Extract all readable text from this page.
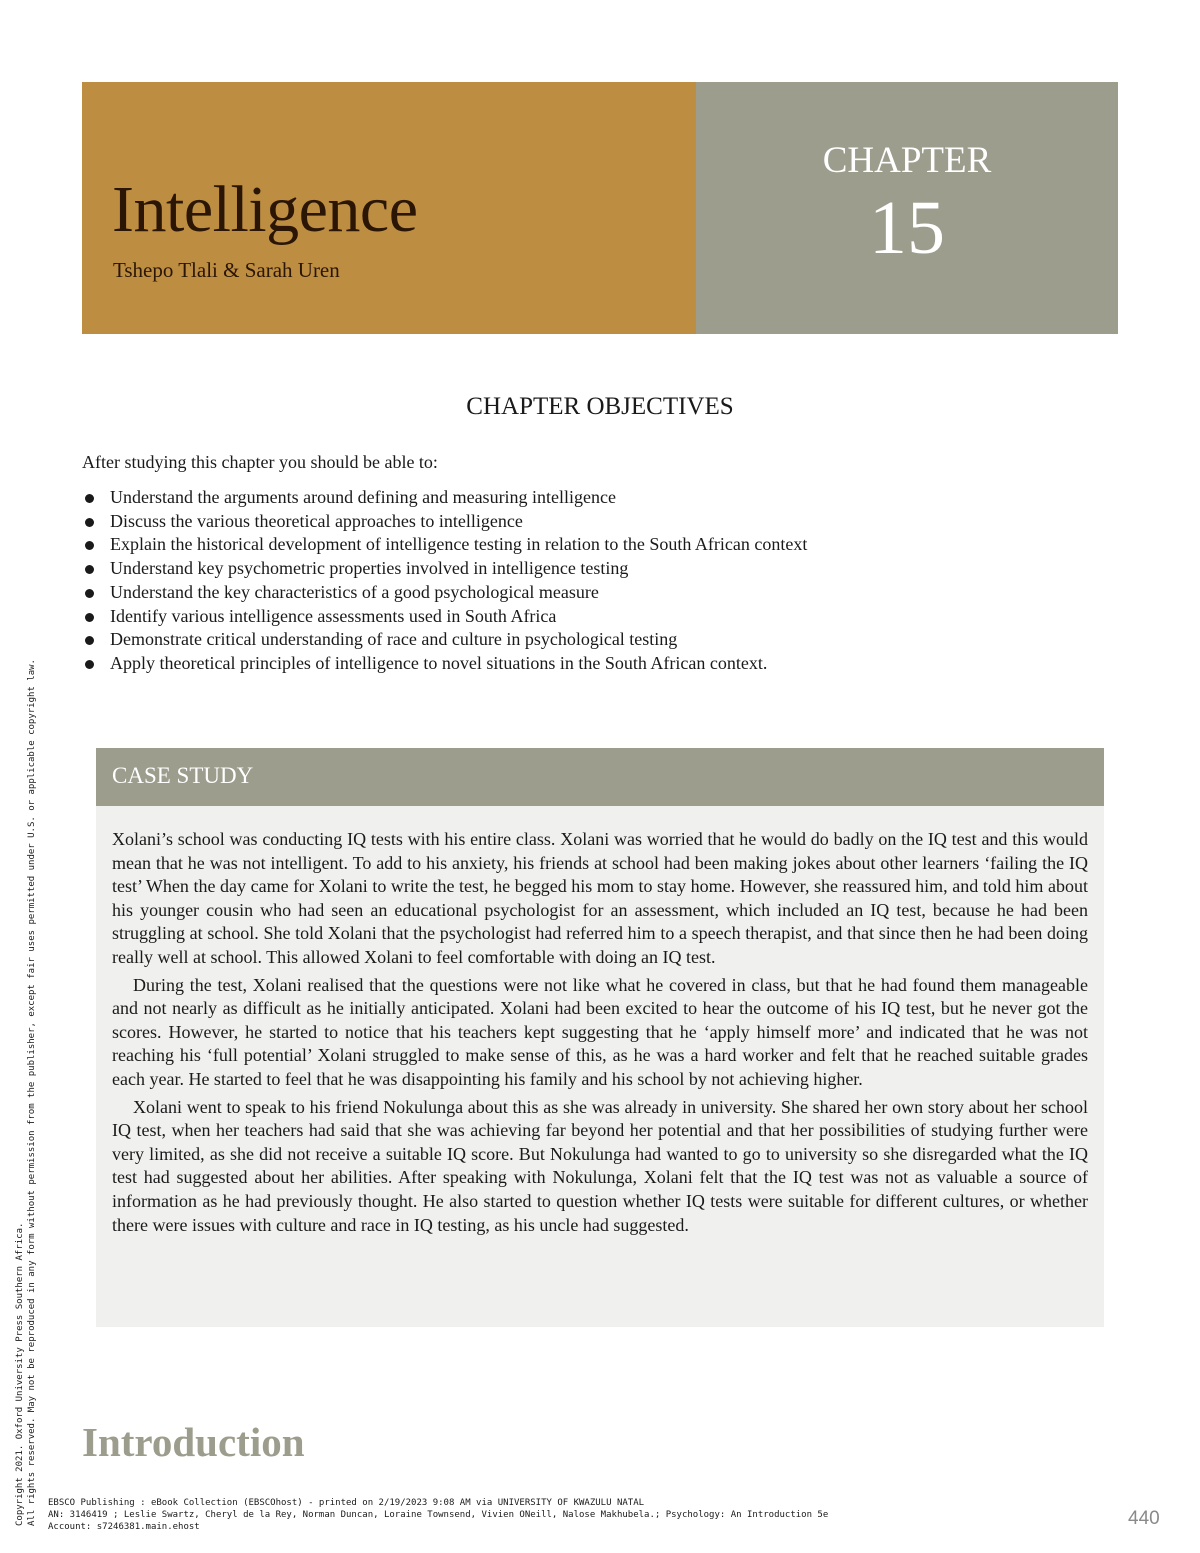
Intelligence
Tshepo Tlali & Sarah Uren
CHAPTER
15
CHAPTER OBJECTIVES
After studying this chapter you should be able to:
Understand the arguments around defining and measuring intelligence
Discuss the various theoretical approaches to intelligence
Explain the historical development of intelligence testing in relation to the South African context
Understand key psychometric properties involved in intelligence testing
Understand the key characteristics of a good psychological measure
Identify various intelligence assessments used in South Africa
Demonstrate critical understanding of race and culture in psychological testing
Apply theoretical principles of intelligence to novel situations in the South African context.
CASE STUDY

Xolani’s school was conducting IQ tests with his entire class. Xolani was worried that he would do badly on the IQ test and this would mean that he was not intelligent. To add to his anxiety, his friends at school had been making jokes about other learners ‘failing the IQ test’ When the day came for Xolani to write the test, he begged his mom to stay home. However, she reassured him, and told him about his younger cousin who had seen an educational psychologist for an assessment, which included an IQ test, because he had been struggling at school. She told Xolani that the psychologist had referred him to a speech therapist, and that since then he had been doing really well at school. This allowed Xolani to feel comfortable with doing an IQ test.

During the test, Xolani realised that the questions were not like what he covered in class, but that he had found them manageable and not nearly as difficult as he initially anticipated. Xolani had been excited to hear the outcome of his IQ test, but he never got the scores. However, he started to notice that his teachers kept suggesting that he ‘apply himself more’ and indicated that he was not reaching his ‘full potential’ Xolani struggled to make sense of this, as he was a hard worker and felt that he reached suitable grades each year. He started to feel that he was disappointing his family and his school by not achieving higher.

Xolani went to speak to his friend Nokulunga about this as she was already in university. She shared her own story about her school IQ test, when her teachers had said that she was achieving far beyond her potential and that her possibilities of studying further were very limited, as she did not receive a suitable IQ score. But Nokulunga had wanted to go to university so she disregarded what the IQ test had suggested about her abilities. After speaking with Nokulunga, Xolani felt that the IQ test was not as valuable a source of information as he had previously thought. He also started to question whether IQ tests were suitable for different cultures, or whether there were issues with culture and race in IQ testing, as his uncle had suggested.

Introduction
Copyright 2021. Oxford University Press Southern Africa. All rights reserved. May not be reproduced in any form without permission from the publisher, except fair uses permitted under U.S. or applicable copyright law. EBSCO Publishing : eBook Collection (EBSCOhost) - printed on 2/19/2023 9:08 AM via UNIVERSITY OF KWAZULU NATAL
AN: 3146419 ; Leslie Swartz, Cheryl de la Rey, Norman Duncan, Loraine Townsend, Vivien ONeill, Nalose Makhubela.; Psychology: An Introduction 5e
Account: s7246381.main.ehost	440
